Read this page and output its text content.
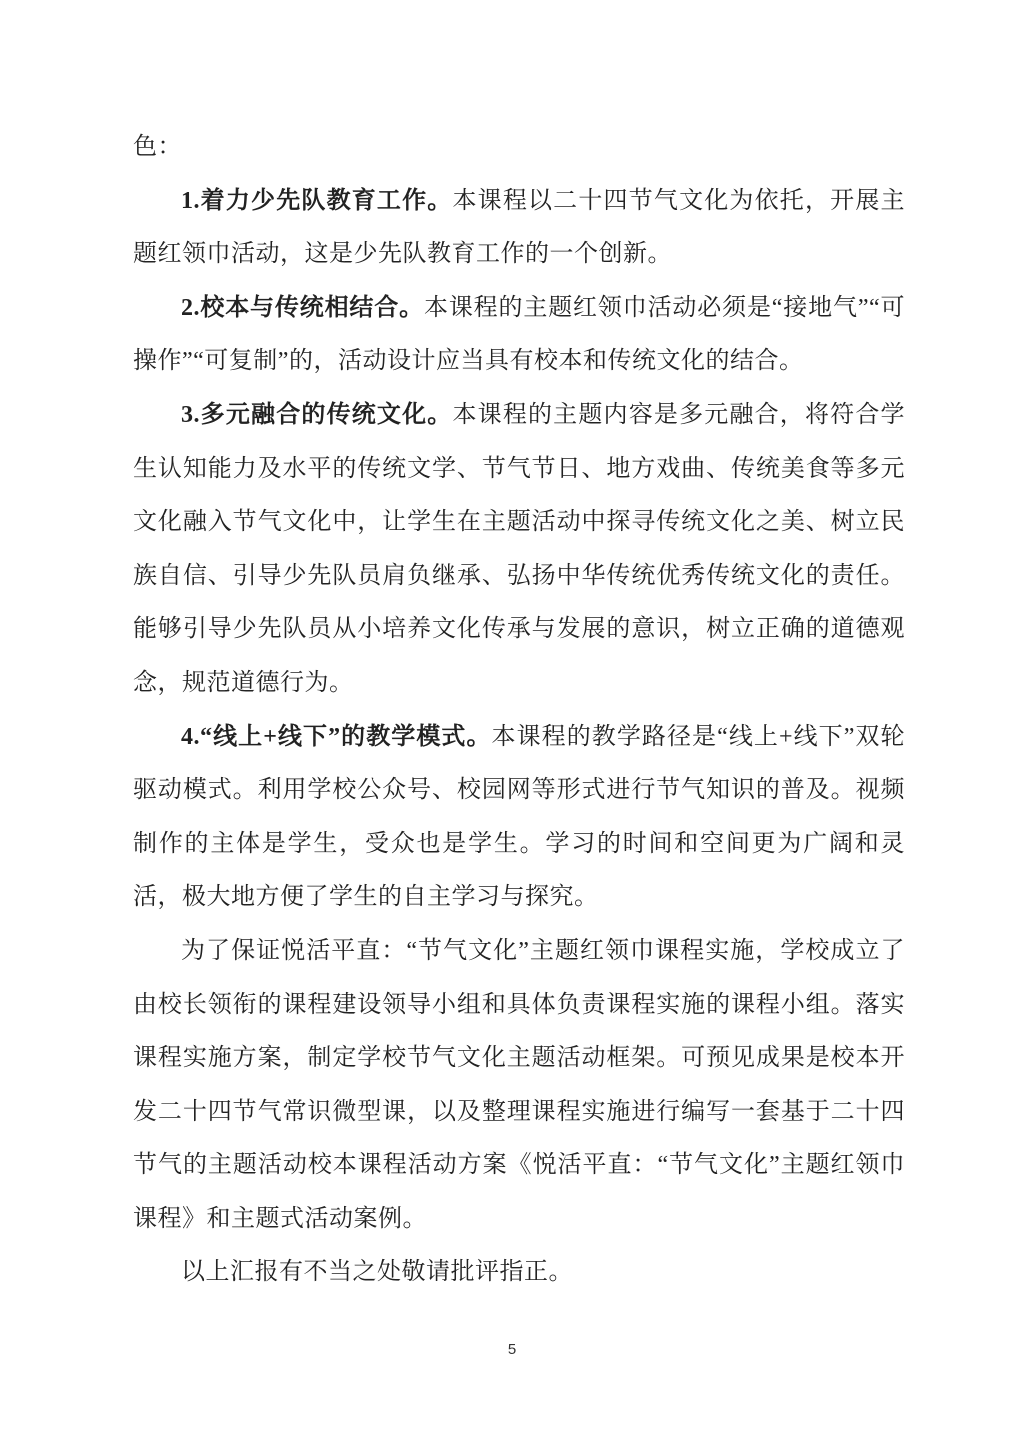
色：

1.着力少先队教育工作。本课程以二十四节气文化为依托，开展主题红领巾活动，这是少先队教育工作的一个创新。

2.校本与传统相结合。本课程的主题红领巾活动必须是“接地气”“可操作”“可复制”的，活动设计应当具有校本和传统文化的结合。

3.多元融合的传统文化。本课程的主题内容是多元融合，将符合学生认知能力及水平的传统文学、节气节日、地方戏曲、传统美食等多元文化融入节气文化中，让学生在主题活动中探寻传统文化之美、树立民族自信、引导少先队员肩负继承、弘扬中华传统优秀传统文化的责任。能够引导少先队员从小培养文化传承与发展的意识，树立正确的道德观念，规范道德行为。

4.“线上+线下”的教学模式。本课程的教学路径是“线上+线下”双轮驱动模式。利用学校公众号、校园网等形式进行节气知识的普及。视频制作的主体是学生，受众也是学生。学习的时间和空间更为广阔和灵活，极大地方便了学生的自主学习与探究。

为了保证悦活平直：“节气文化”主题红领巾课程实施，学校成立了由校长领衔的课程建设领导小组和具体负责课程实施的课程小组。落实课程实施方案，制定学校节气文化主题活动框架。可预见成果是校本开发二十四节气常识微型课，以及整理课程实施进行编写一套基于二十四节气的主题活动校本课程活动方案《悦活平直：“节气文化”主题红领巾课程》和主题式活动案例。

以上汇报有不当之处敬请批评指正。

5
